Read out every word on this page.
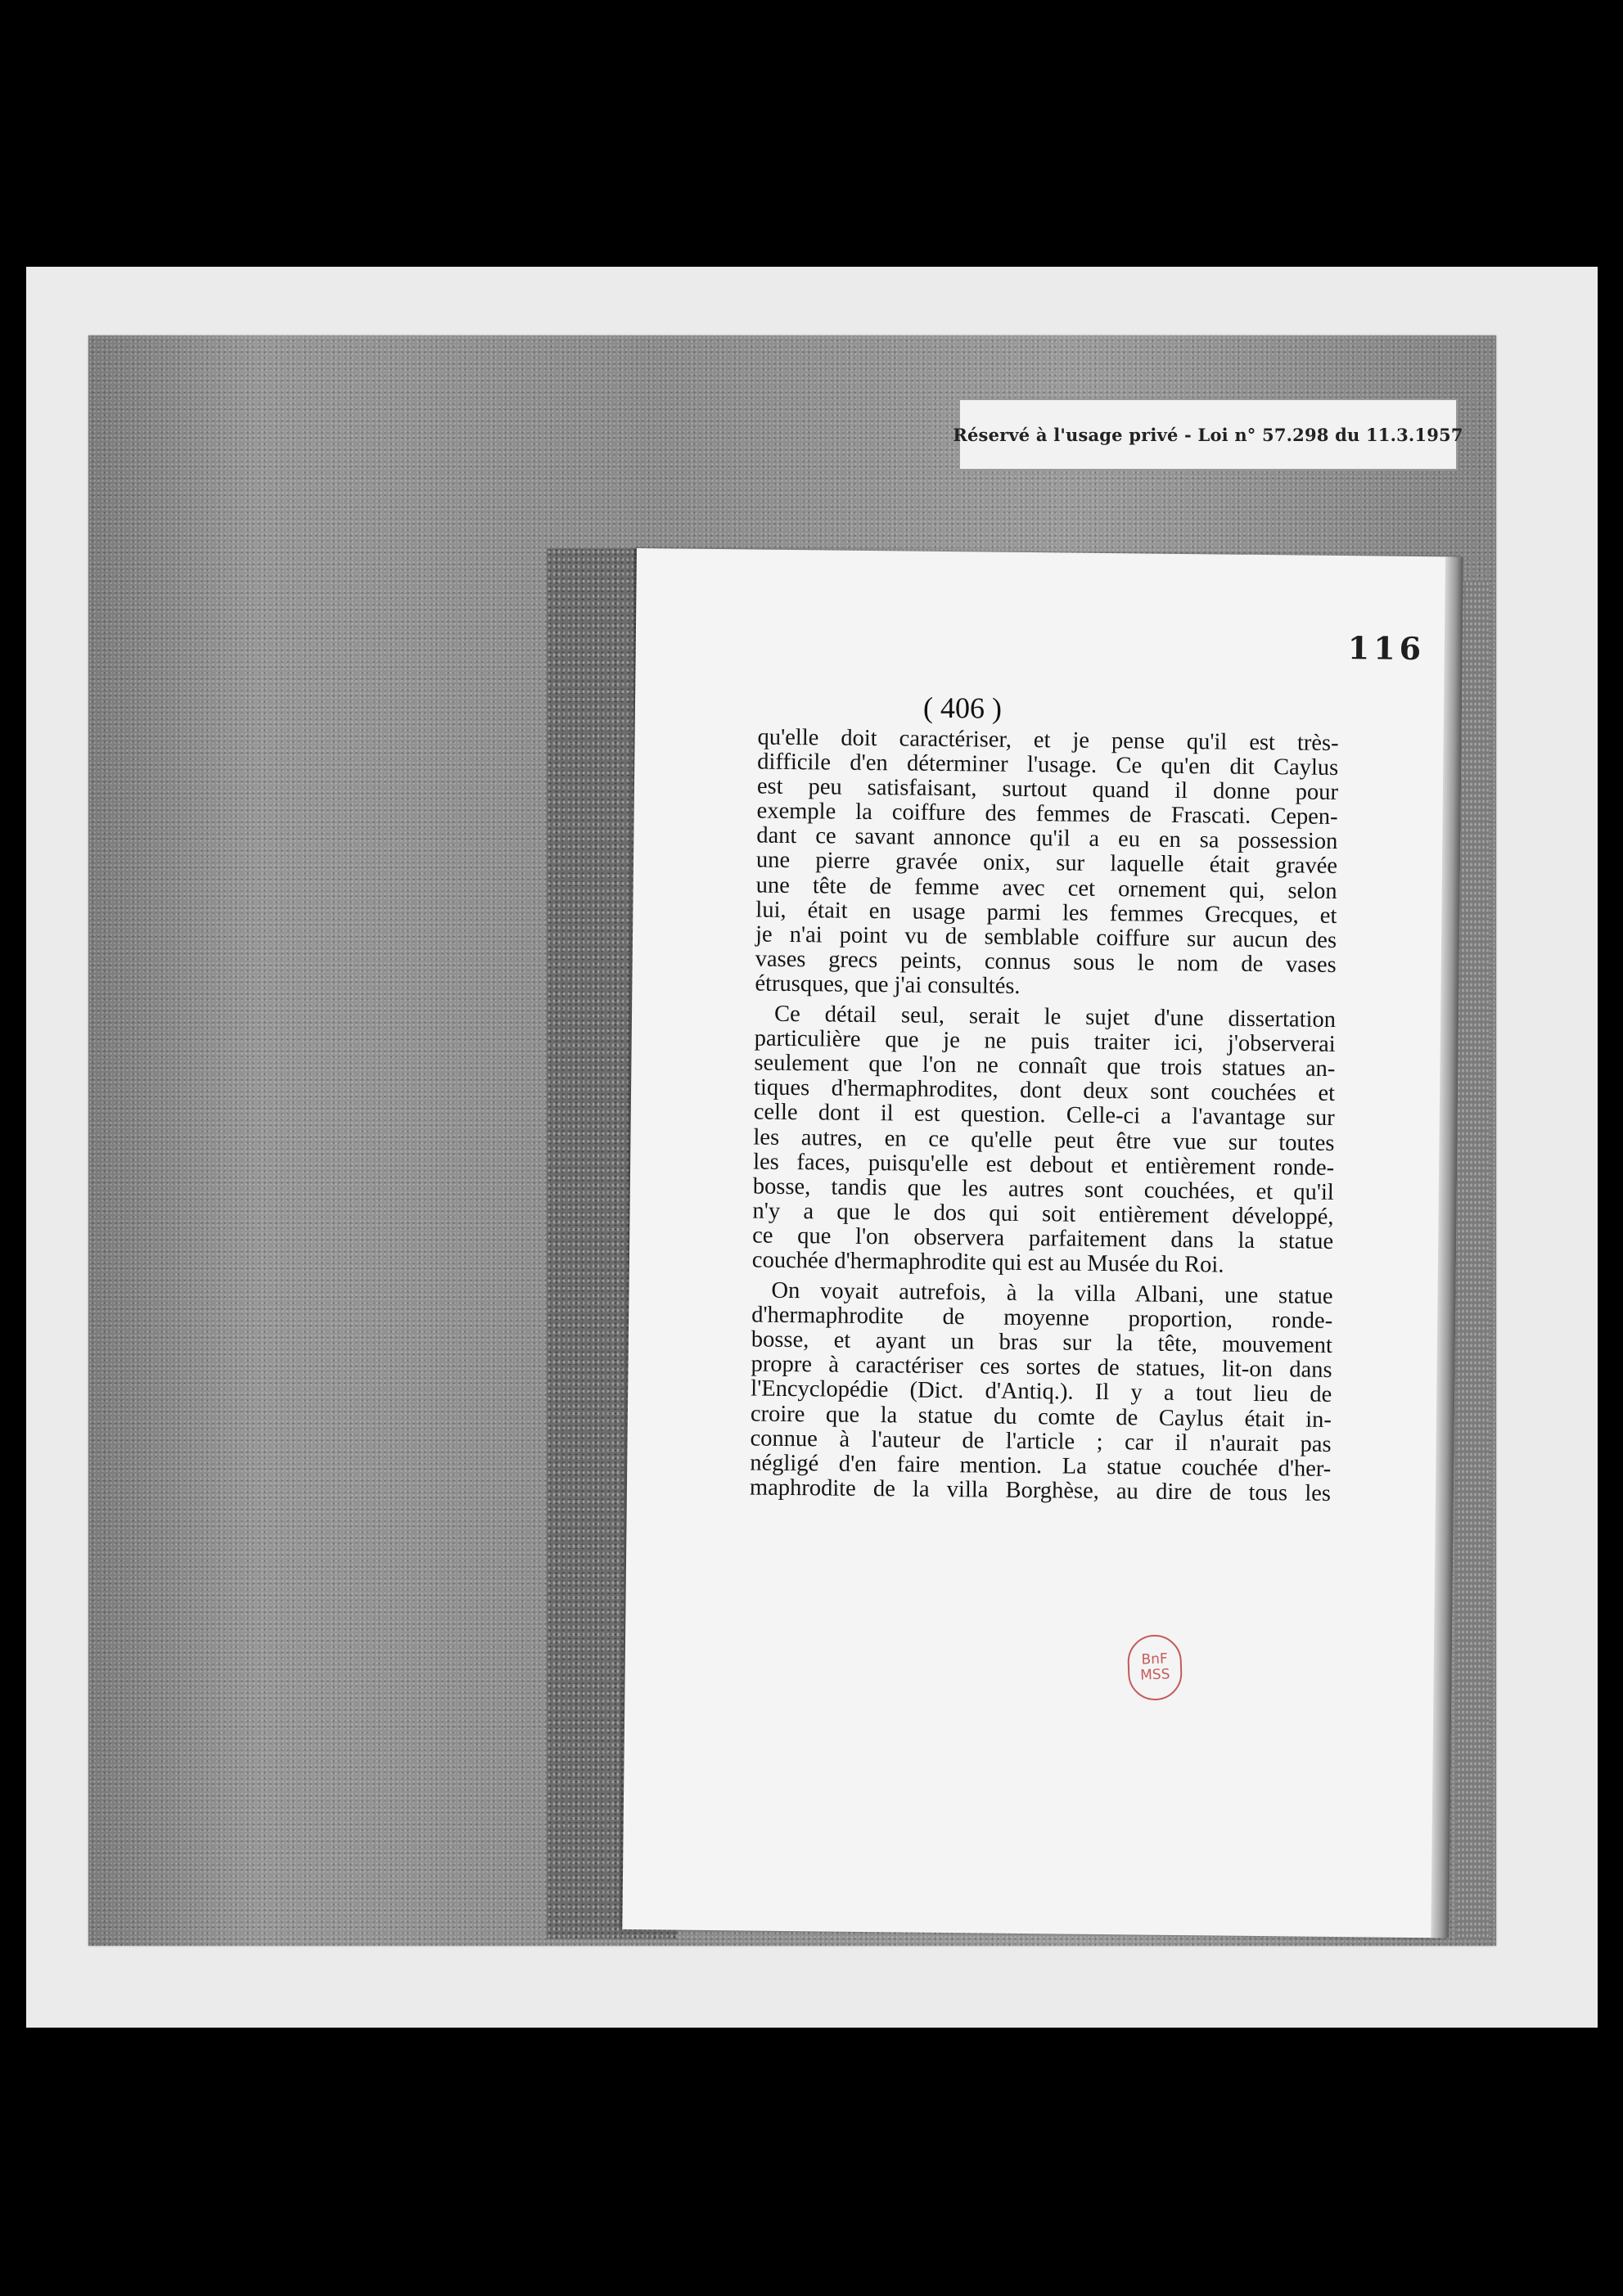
Réservé à l'usage privé - Loi n° 57.298 du 11.3.1957
116
( 406 )
qu'elle doit caractériser, et je pense qu'il est très-
difficile d'en déterminer l'usage. Ce qu'en dit Caylus
est peu satisfaisant, surtout quand il donne pour
exemple la coiffure des femmes de Frascati. Cepen-
dant ce savant annonce qu'il a eu en sa possession
une pierre gravée onix, sur laquelle était gravée
une tête de femme avec cet ornement qui, selon
lui, était en usage parmi les femmes Grecques, et
je n'ai point vu de semblable coiffure sur aucun des
vases grecs peints, connus sous le nom de vases
étrusques, que j'ai consultés.
Ce détail seul, serait le sujet d'une dissertation
particulière que je ne puis traiter ici, j'observerai
seulement que l'on ne connaît que trois statues an-
tiques d'hermaphrodites, dont deux sont couchées et
celle dont il est question. Celle-ci a l'avantage sur
les autres, en ce qu'elle peut être vue sur toutes
les faces, puisqu'elle est debout et entièrement ronde-
bosse, tandis que les autres sont couchées, et qu'il
n'y a que le dos qui soit entièrement développé,
ce que l'on observera parfaitement dans la statue
couchée d'hermaphrodite qui est au Musée du Roi.
On voyait autrefois, à la villa Albani, une statue
d'hermaphrodite de moyenne proportion, ronde-
bosse, et ayant un bras sur la tête, mouvement
propre à caractériser ces sortes de statues, lit-on dans
l'Encyclopédie (Dict. d'Antiq.). Il y a tout lieu de
croire que la statue du comte de Caylus était in-
connue à l'auteur de l'article ; car il n'aurait pas
négligé d'en faire mention. La statue couchée d'her-
maphrodite de la villa Borghèse, au dire de tous les
BnF
MSS
